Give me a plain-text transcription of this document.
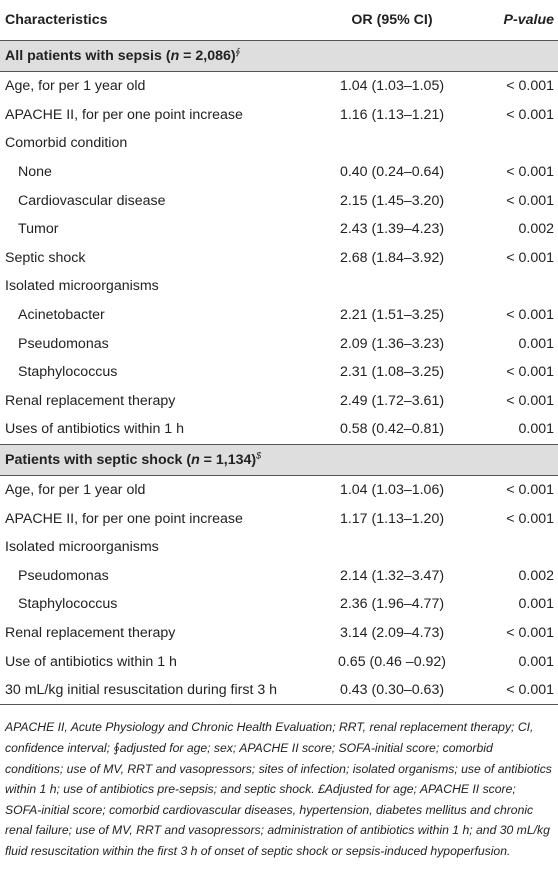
Characteristics	OR (95% CI)	P-value
All patients with sepsis (n = 2,086)∮
Age, for per 1 year old	1.04 (1.03–1.05)	< 0.001
APACHE II, for per one point increase	1.16 (1.13–1.21)	< 0.001
Comorbid condition		
None	0.40 (0.24–0.64)	< 0.001
Cardiovascular disease	2.15 (1.45–3.20)	< 0.001
Tumor	2.43 (1.39–4.23)	0.002
Septic shock	2.68 (1.84–3.92)	< 0.001
Isolated microorganisms		
Acinetobacter	2.21 (1.51–3.25)	< 0.001
Pseudomonas	2.09 (1.36–3.23)	0.001
Staphylococcus	2.31 (1.08–3.25)	< 0.001
Renal replacement therapy	2.49 (1.72–3.61)	< 0.001
Uses of antibiotics within 1 h	0.58 (0.42–0.81)	0.001
Patients with septic shock (n = 1,134)$
Age, for per 1 year old	1.04 (1.03–1.06)	< 0.001
APACHE II, for per one point increase	1.17 (1.13–1.20)	< 0.001
Isolated microorganisms		
Pseudomonas	2.14 (1.32–3.47)	0.002
Staphylococcus	2.36 (1.96–4.77)	0.001
Renal replacement therapy	3.14 (2.09–4.73)	< 0.001
Use of antibiotics within 1 h	0.65 (0.46 –0.92)	0.001
30 mL/kg initial resuscitation during first 3 h	0.43 (0.30–0.63)	< 0.001
APACHE II, Acute Physiology and Chronic Health Evaluation; RRT, renal replacement therapy; CI, confidence interval; ∮adjusted for age; sex; APACHE II score; SOFA-initial score; comorbid conditions; use of MV, RRT and vasopressors; sites of infection; isolated organisms; use of antibiotics within 1 h; use of antibiotics pre-sepsis; and septic shock. £Adjusted for age; APACHE II score; SOFA-initial score; comorbid cardiovascular diseases, hypertension, diabetes mellitus and chronic renal failure; use of MV, RRT and vasopressors; administration of antibiotics within 1 h; and 30 mL/kg fluid resuscitation within the first 3 h of onset of septic shock or sepsis-induced hypoperfusion.
